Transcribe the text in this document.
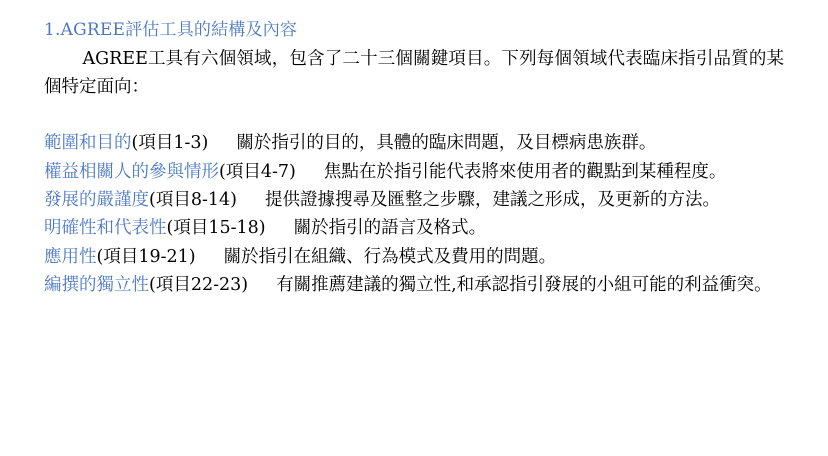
1.AGREE評估工具的結構及內容

AGREE工具有六個領域，包含了二十三個關鍵項目。下列每個領域代表臨床指引品質的某個特定面向：

範圍和目的(項目1-3) 關於指引的目的，具體的臨床問題，及目標病患族群。

權益相關人的參與情形(項目4-7) 焦點在於指引能代表將來使用者的觀點到某種程度。

發展的嚴謹度(項目8-14) 提供證據搜尋及匯整之步驟，建議之形成，及更新的方法。

明確性和代表性(項目15-18) 關於指引的語言及格式。

應用性(項目19-21) 關於指引在組織、行為模式及費用的問題。

編撰的獨立性(項目22-23) 有關推薦建議的獨立性,和承認指引發展的小組可能的利益衝突。
